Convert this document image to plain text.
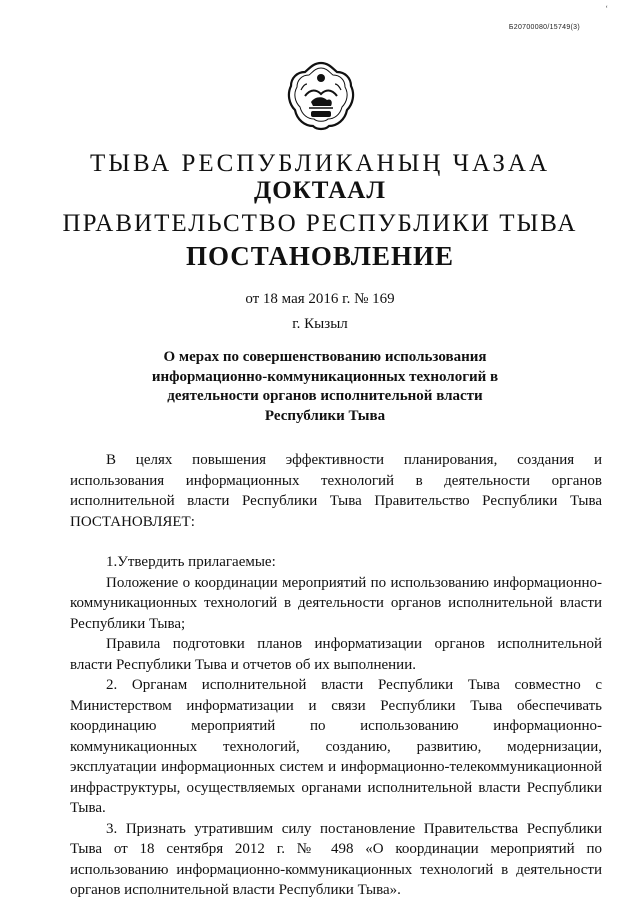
ʻ
Б20700080/15749(3)
ТЫВА РЕСПУБЛИКАНЫҢ ЧАЗАА
ДОКТААЛ
ПРАВИТЕЛЬСТВО РЕСПУБЛИКИ ТЫВА
ПОСТАНОВЛЕНИЕ
от 18 мая 2016 г. № 169
г. Кызыл
О мерах по совершенствованию использования информационно-коммуникационных технологий в деятельности органов исполнительной власти Республики Тыва

В целях повышения эффективности планирования, создания и использования информационных технологий в деятельности органов исполнительной власти Республики Тыва Правительство Республики Тыва ПОСТАНОВЛЯЕТ:

1.Утвердить прилагаемые:

Положение о координации мероприятий по использованию информационно-коммуникационных технологий в деятельности органов исполнительной власти Республики Тыва;

Правила подготовки планов информатизации органов исполнительной власти Республики Тыва и отчетов об их выполнении.

2. Органам исполнительной власти Республики Тыва совместно с Министерством информатизации и связи Республики Тыва обеспечивать координацию мероприятий по использованию информационно-коммуникационных технологий, созданию, развитию, модернизации, эксплуатации информационных систем и информационно-телекоммуникационной инфраструктуры, осуществляемых органами исполнительной власти Республики Тыва.

3. Признать утратившим силу постановление Правительства Республики Тыва от 18 сентября 2012 г. № 498 «О координации мероприятий по использованию информационно-коммуникационных технологий в деятельности органов исполнительной власти Республики Тыва».
